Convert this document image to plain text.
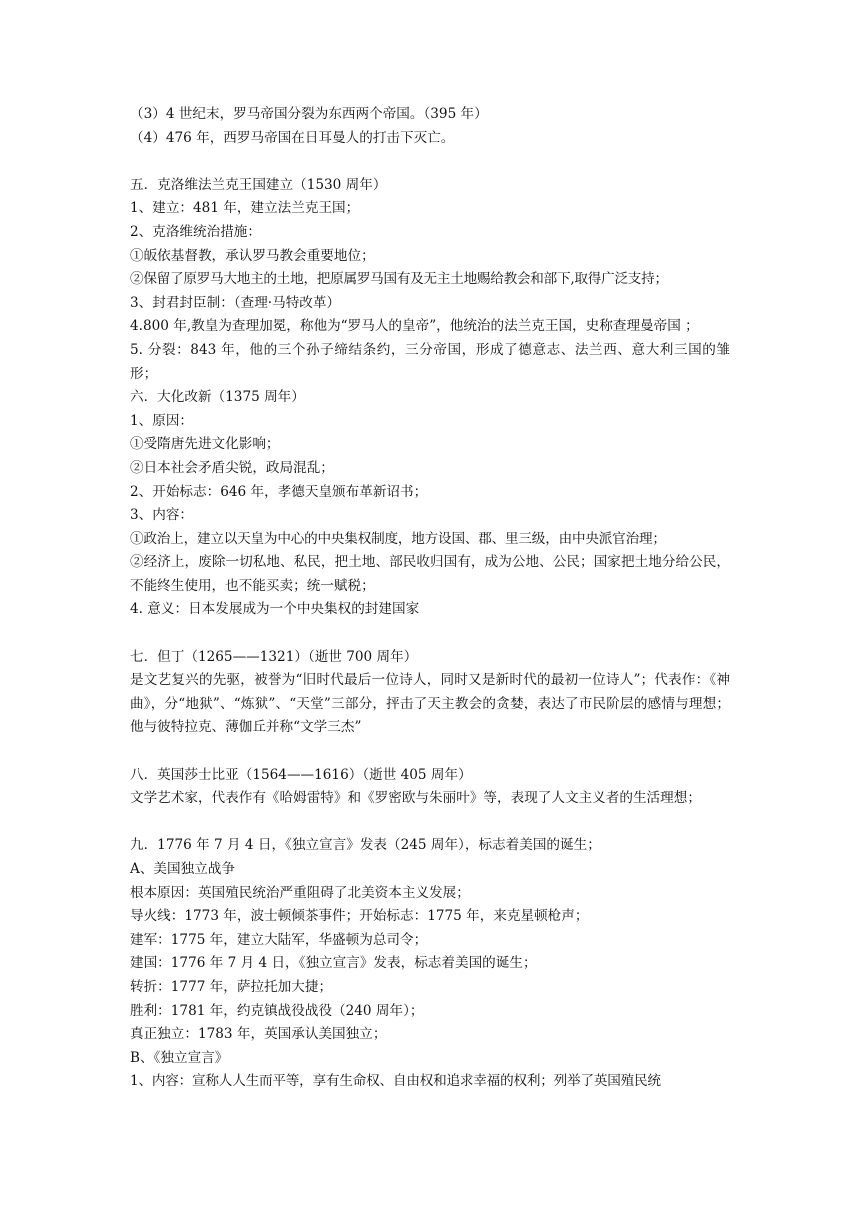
（3）4 世纪末，罗马帝国分裂为东西两个帝国。（395 年）
（4）476 年，西罗马帝国在日耳曼人的打击下灭亡。
五．克洛维法兰克王国建立（1530 周年）
1、建立：481 年，建立法兰克王国；
2、克洛维统治措施：
①皈依基督教，承认罗马教会重要地位；
②保留了原罗马大地主的土地，把原属罗马国有及无主土地赐给教会和部下,取得广泛支持；
3、封君封臣制：（查理·马特改革）
4.800 年,教皇为查理加冕，称他为“罗马人的皇帝”，他统治的法兰克王国，史称查理曼帝国 ；
5. 分裂：843 年，他的三个孙子缔结条约，三分帝国，形成了德意志、法兰西、意大利三国的雏形；
六．大化改新（1375 周年）
1、原因：
①受隋唐先进文化影响；
②日本社会矛盾尖锐，政局混乱；
2、开始标志：646 年，孝德天皇颁布革新诏书；
3、内容：
①政治上，建立以天皇为中心的中央集权制度，地方设国、郡、里三级，由中央派官治理；
②经济上，废除一切私地、私民，把土地、部民收归国有，成为公地、公民；国家把土地分给公民，不能终生使用，也不能买卖；统一赋税；
4. 意义：日本发展成为一个中央集权的封建国家
七．但丁（1265——1321）（逝世 700 周年）
是文艺复兴的先驱，被誉为“旧时代最后一位诗人，同时又是新时代的最初一位诗人”；代表作：《神曲》，分“地狱”、“炼狱”、“天堂”三部分，抨击了天主教会的贪婪，表达了市民阶层的感情与理想；他与彼特拉克、薄伽丘并称“文学三杰”
八．英国莎士比亚（1564——1616）（逝世 405 周年）
文学艺术家，代表作有《哈姆雷特》和《罗密欧与朱丽叶》等，表现了人文主义者的生活理想；
九．1776 年 7 月 4 日，《独立宣言》发表（245 周年），标志着美国的诞生；
A、美国独立战争
根本原因：英国殖民统治严重阻碍了北美资本主义发展；
导火线：1773 年，波士顿倾茶事件；开始标志：1775 年，来克星顿枪声；
建军：1775 年，建立大陆军，华盛顿为总司令；
建国：1776 年 7 月 4 日，《独立宣言》发表，标志着美国的诞生；
转折：1777 年，萨拉托加大捷；
胜利：1781 年，约克镇战役战役（240 周年）；
真正独立：1783 年，英国承认美国独立；
B、《独立宣言》
1、内容：宣称人人生而平等，享有生命权、自由权和追求幸福的权利；列举了英国殖民统
